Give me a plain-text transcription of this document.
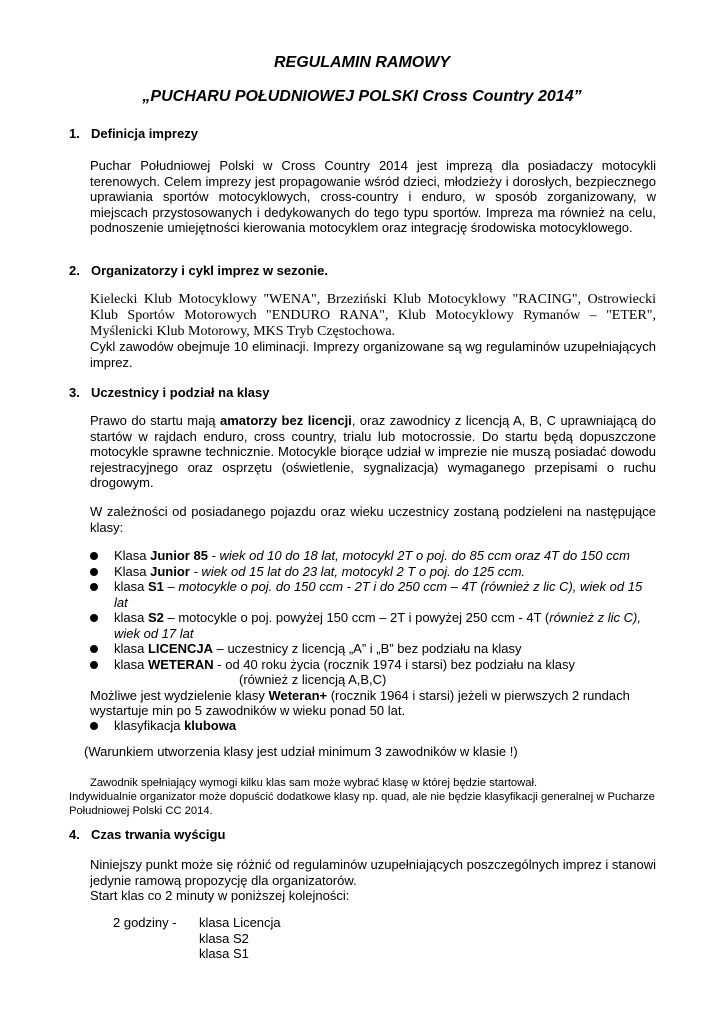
REGULAMIN RAMOWY
„PUCHARU POŁUDNIOWEJ POLSKI Cross Country 2014”
1. Definicja imprezy
Puchar Południowej Polski w Cross Country 2014 jest imprezą dla posiadaczy motocykli terenowych. Celem imprezy jest propagowanie wśród dzieci, młodzieży i dorosłych, bezpiecznego uprawiania sportów motocyklowych, cross-country i enduro, w sposób zorganizowany, w miejscach przystosowanych i dedykowanych do tego typu sportów. Impreza ma również na celu, podnoszenie umiejętności kierowania motocyklem oraz integrację środowiska motocyklowego.
2. Organizatorzy i cykl imprez w sezonie.
Kielecki Klub Motocyklowy "WENA", Brzeziński Klub Motocyklowy "RACING", Ostrowiecki Klub Sportów Motorowych "ENDURO RANA", Klub Motocyklowy Rymanów – "ETER", Myślenicki Klub Motorowy, MKS Tryb Częstochowa.
Cykl zawodów obejmuje 10 eliminacji. Imprezy organizowane są wg regulaminów uzupełniających imprez.
3. Uczestnicy i podział na klasy
Prawo do startu mają amatorzy bez licencji, oraz zawodnicy z licencją A, B, C uprawniającą do startów w rajdach enduro, cross country, trialu lub motocrossie. Do startu będą dopuszczone motocykle sprawne technicznie. Motocykle biorące udział w imprezie nie muszą posiadać dowodu rejestracyjnego oraz osprzętu (oświetlenie, sygnalizacja) wymaganego przepisami o ruchu drogowym.
W zależności od posiadanego pojazdu oraz wieku uczestnicy zostaną podzieleni na następujące klasy:
Klasa Junior 85 - wiek od 10 do 18 lat, motocykl 2T o poj. do 85 ccm oraz 4T do 150 ccm
Klasa Junior - wiek od 15 lat do 23 lat, motocykl 2 T o poj. do 125 ccm.
klasa S1 – motocykle o poj. do 150 ccm - 2T i do 250 ccm – 4T (również z lic C), wiek od 15 lat
klasa S2 – motocykle o poj. powyżej 150 ccm – 2T i powyżej 250 ccm - 4T (również z lic C), wiek od 17 lat
klasa LICENCJA – uczestnicy z licencją „A” i „B” bez podziału na klasy
klasa WETERAN - od 40 roku życia (rocznik 1974 i starsi) bez podziału na klasy
(również z licencją A,B,C)
Możliwe jest wydzielenie klasy Weteran+ (rocznik 1964 i starsi) jeżeli w pierwszych 2 rundach
wystartuje min po 5 zawodników w wieku ponad 50 lat.
klasyfikacja klubowa
(Warunkiem utworzenia klasy jest udział minimum 3 zawodników w klasie !)
Zawodnik spełniający wymogi kilku klas sam może wybrać klasę w której będzie startował.
Indywidualnie organizator może dopuścić dodatkowe klasy np. quad, ale nie będzie klasyfikacji generalnej w Pucharze Południowej Polski CC 2014.
4. Czas trwania wyścigu
Niniejszy punkt może się różnić od regulaminów uzupełniających poszczególnych imprez i stanowi jedynie ramową propozycję dla organizatorów.
Start klas co 2 minuty w poniższej kolejności:
2 godziny - klasa Licencja
klasa S2
klasa S1
